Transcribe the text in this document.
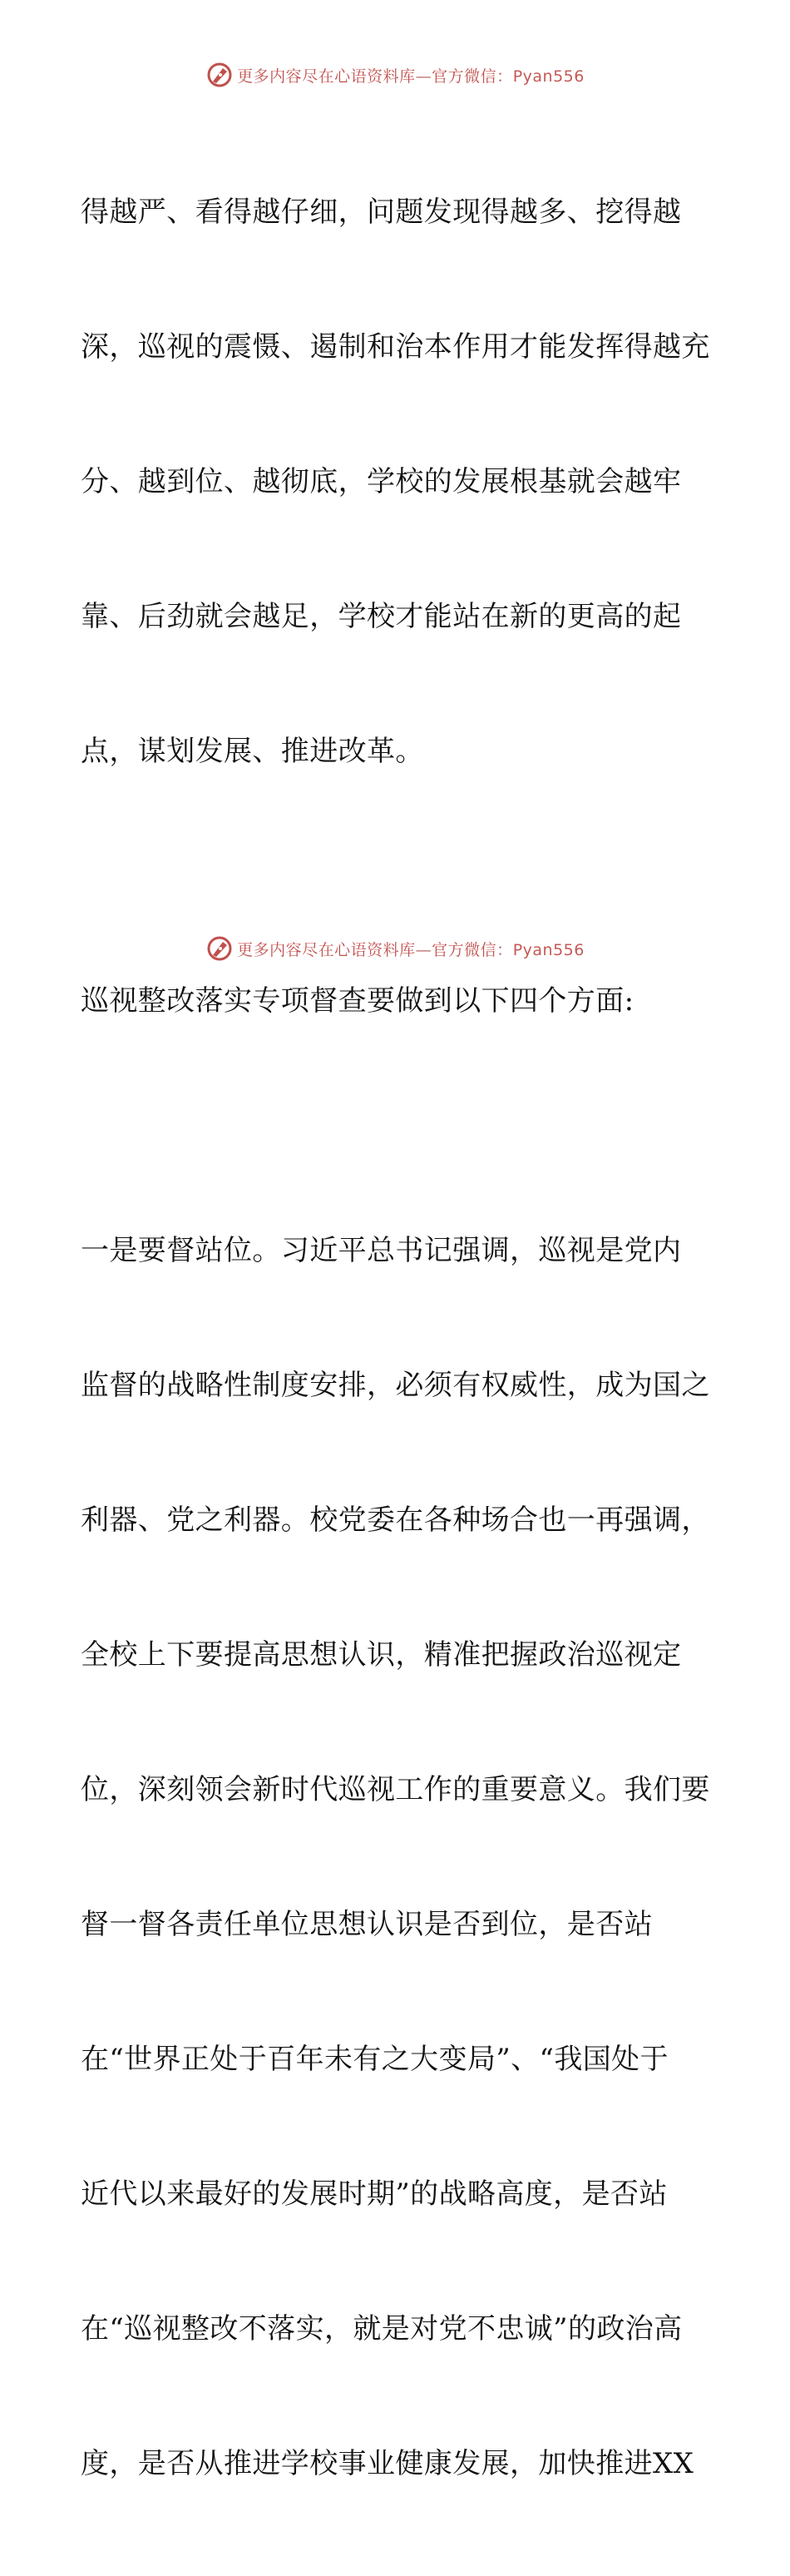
更多内容尽在心语资料库—官方微信：Pyan556

得越严、看得越仔细，问题发现得越多、挖得越

深，巡视的震慑、遏制和治本作用才能发挥得越充

分、越到位、越彻底，学校的发展根基就会越牢

靠、后劲就会越足，学校才能站在新的更高的起

点，谋划发展、推进改革。

巡视整改落实专项督查要做到以下四个方面:

一是要督站位。习近平总书记强调，巡视是党内

监督的战略性制度安排，必须有权威性，成为国之

利器、党之利器。校党委在各种场合也一再强调，

全校上下要提高思想认识，精准把握政治巡视定

位，深刻领会新时代巡视工作的重要意义。我们要

督一督各责任单位思想认识是否到位，是否站

在“世界正处于百年未有之大变局”、“我国处于

近代以来最好的发展时期”的战略高度，是否站

在“巡视整改不落实，就是对党不忠诚”的政治高

度，是否从推进学校事业健康发展，加快推进XX

更多内容尽在心语资料库—官方微信：Pyan556
